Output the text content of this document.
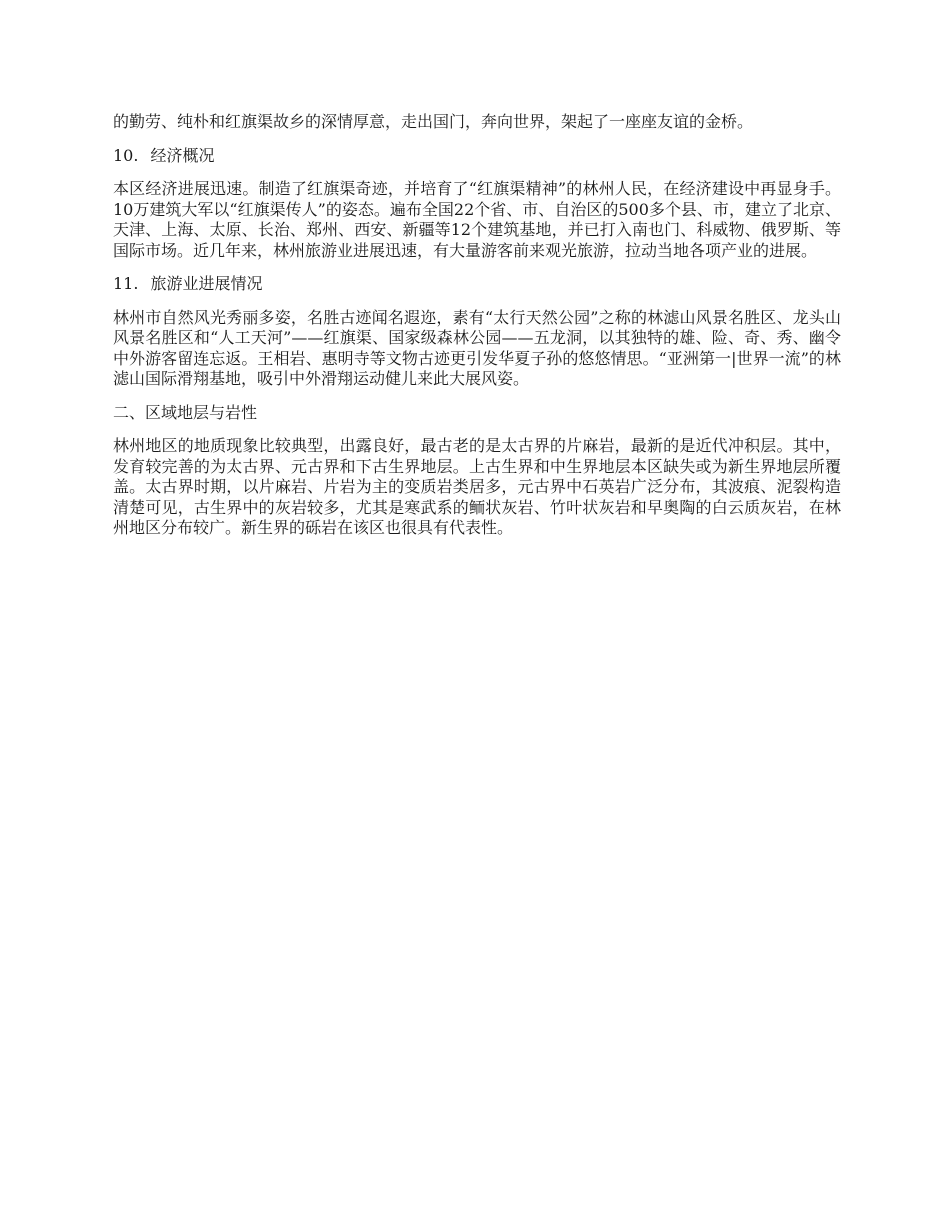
的勤劳、纯朴和红旗渠故乡的深情厚意，走出国门，奔向世界，架起了一座座友谊的金桥。

10. 经济概况

本区经济进展迅速。制造了红旗渠奇迹，并培育了“红旗渠精神”的林州人民，在经济建设中再显身手。10万建筑大军以“红旗渠传人”的姿态。遍布全国22个省、市、自治区的500多个县、市，建立了北京、天津、上海、太原、长治、郑州、西安、新疆等12个建筑基地，并已打入南也门、科威物、俄罗斯、等国际市场。近几年来，林州旅游业进展迅速，有大量游客前来观光旅游，拉动当地各项产业的进展。

11. 旅游业进展情况

林州市自然风光秀丽多姿，名胜古迹闻名遐迩，素有“太行天然公园”之称的林滤山风景名胜区、龙头山风景名胜区和“人工天河”——红旗渠、国家级森林公园——五龙洞，以其独特的雄、险、奇、秀、幽令中外游客留连忘返。王相岩、惠明寺等文物古迹更引发华夏子孙的悠悠情思。“亚洲第一|世界一流”的林滤山国际滑翔基地，吸引中外滑翔运动健儿来此大展风姿。

二、区域地层与岩性

林州地区的地质现象比较典型，出露良好，最古老的是太古界的片麻岩，最新的是近代冲积层。其中，发育较完善的为太古界、元古界和下古生界地层。上古生界和中生界地层本区缺失或为新生界地层所覆盖。太古界时期，以片麻岩、片岩为主的变质岩类居多，元古界中石英岩广泛分布，其波痕、泥裂构造清楚可见，古生界中的灰岩较多，尤其是寒武系的鲕状灰岩、竹叶状灰岩和早奥陶的白云质灰岩，在林州地区分布较广。新生界的砾岩在该区也很具有代表性。
